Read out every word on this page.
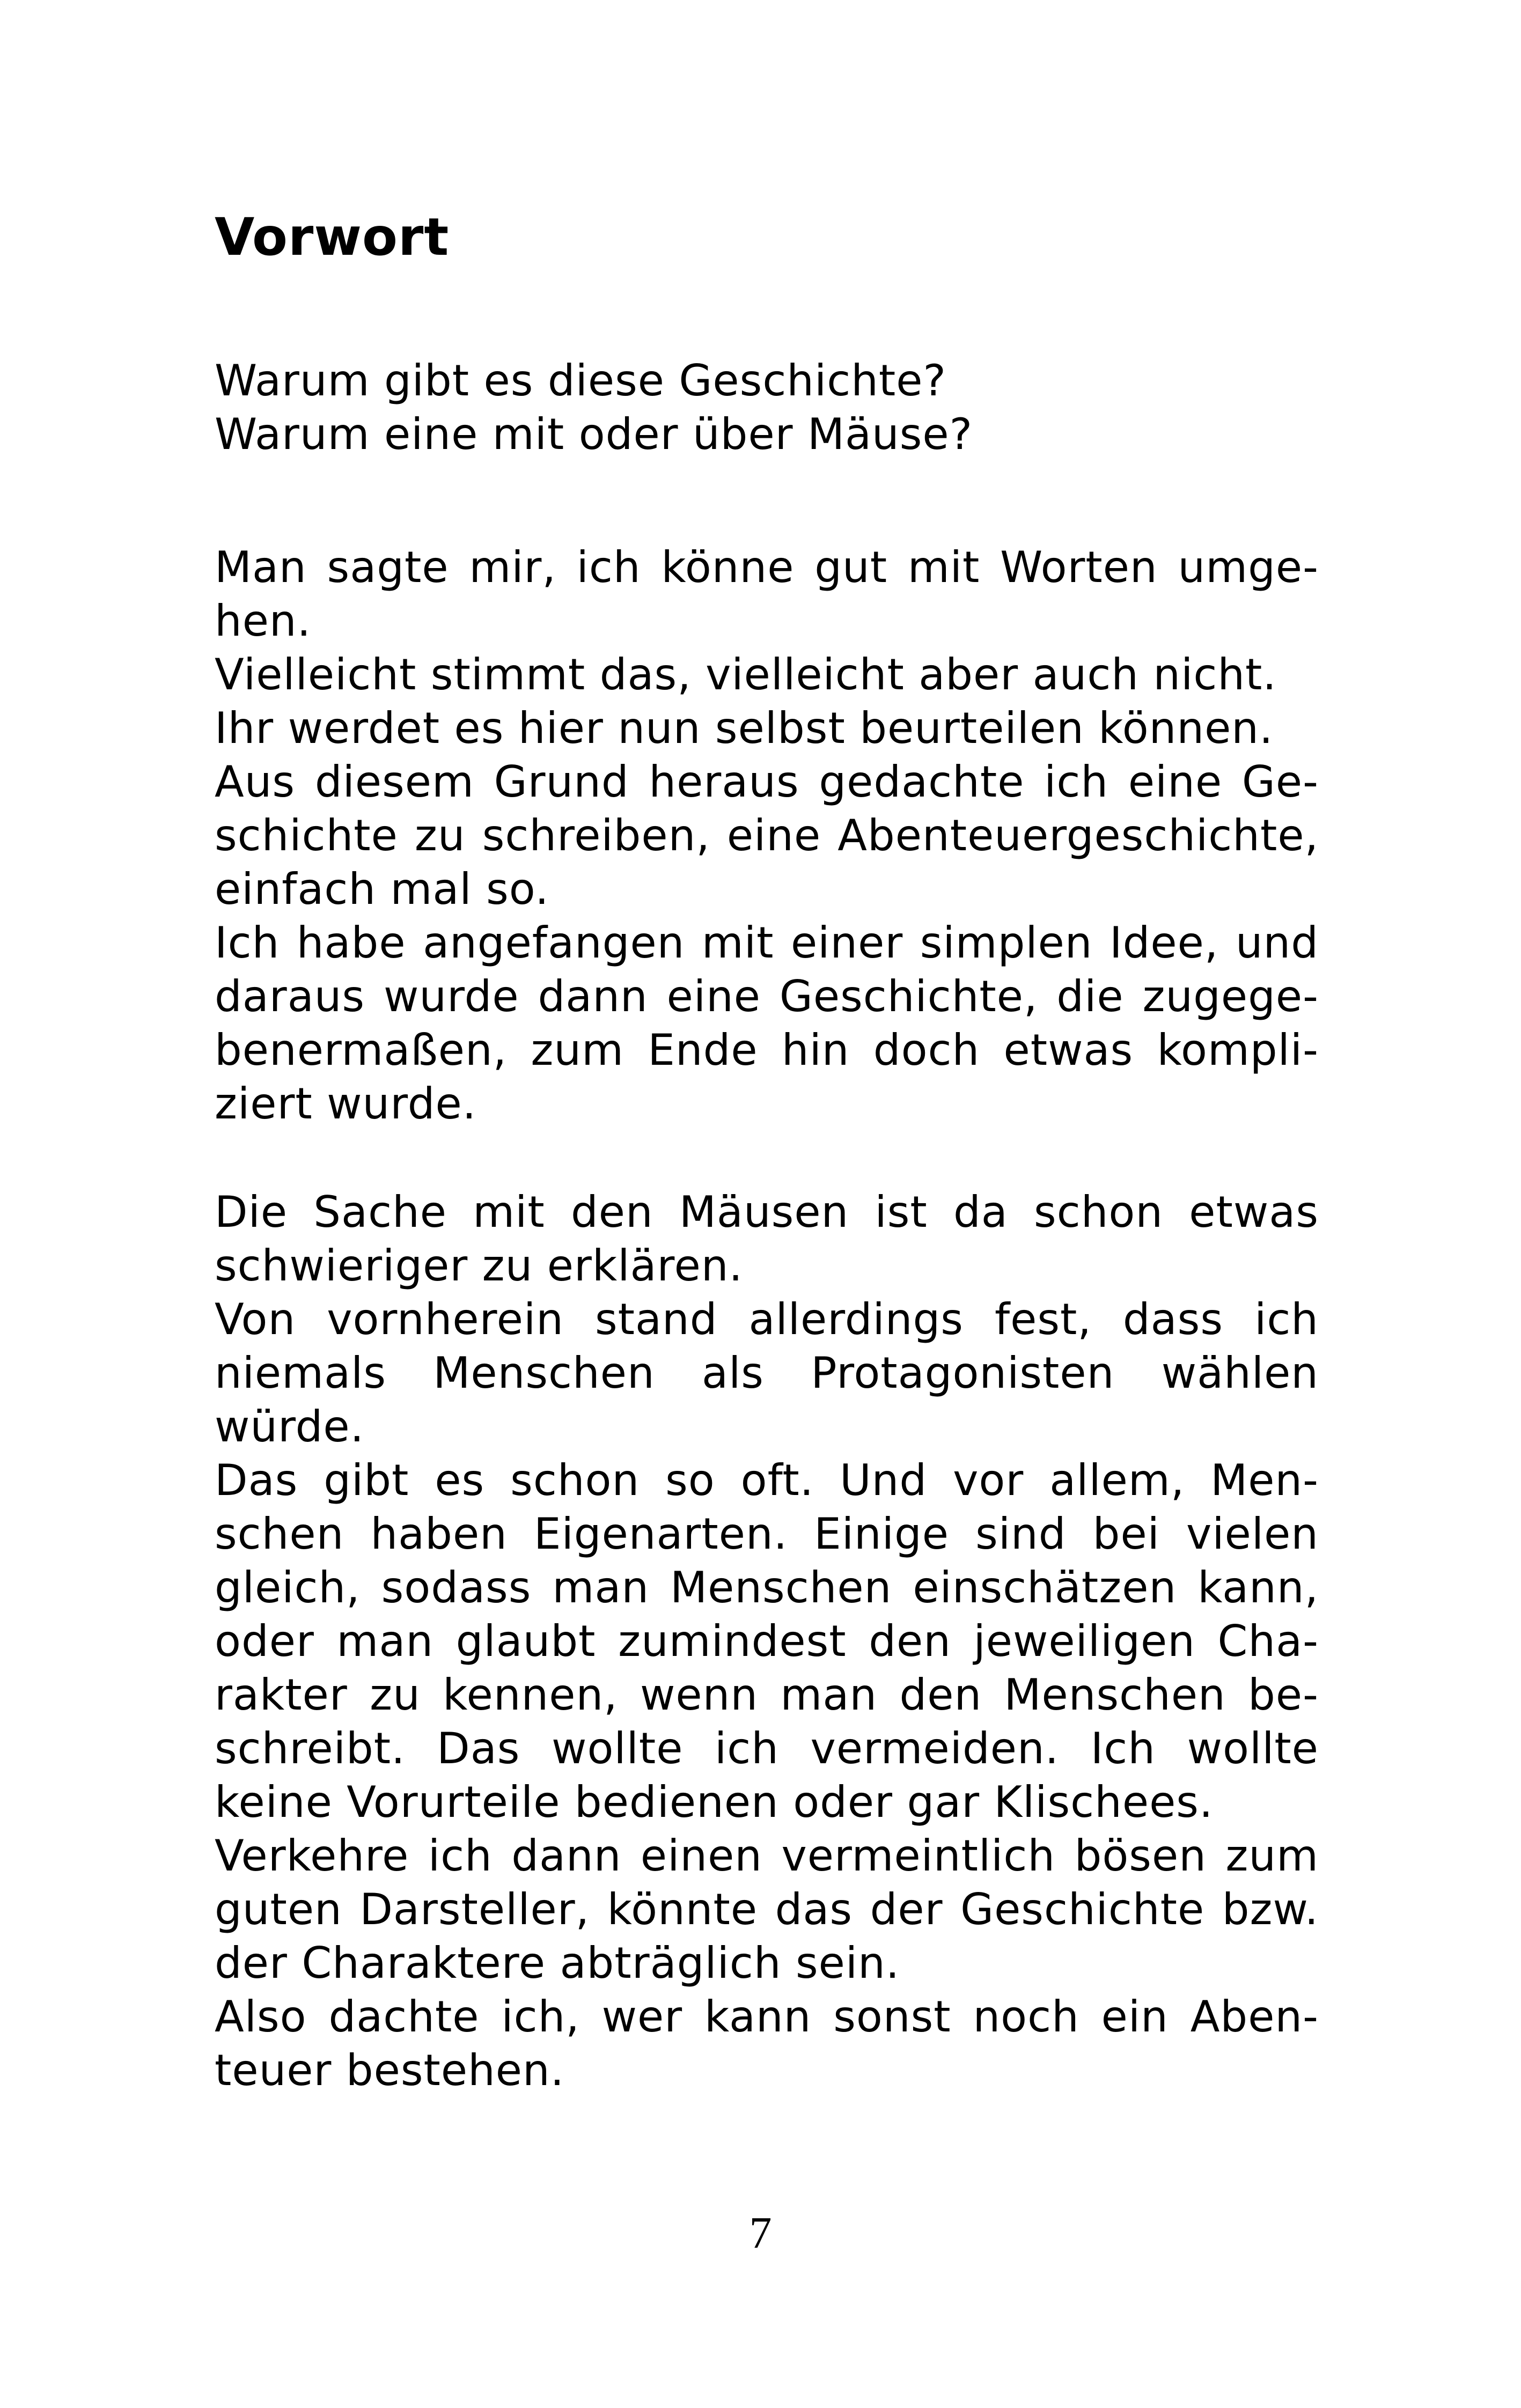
Vorwort
Warum gibt es diese Geschichte?
Warum eine mit oder über Mäuse?
Man sagte mir, ich könne gut mit Worten umge-
hen.
Vielleicht stimmt das, vielleicht aber auch nicht.
Ihr werdet es hier nun selbst beurteilen können.
Aus diesem Grund heraus gedachte ich eine Ge-
schichte zu schreiben, eine Abenteuergeschichte,
einfach mal so.
Ich habe angefangen mit einer simplen Idee, und
daraus wurde dann eine Geschichte, die zugege-
benermaßen, zum Ende hin doch etwas kompli-
ziert wurde.
Die Sache mit den Mäusen ist da schon etwas
schwieriger zu erklären.
Von vornherein stand allerdings fest, dass ich
niemals Menschen als Protagonisten wählen
würde.
Das gibt es schon so oft. Und vor allem, Men-
schen haben Eigenarten. Einige sind bei vielen
gleich, sodass man Menschen einschätzen kann,
oder man glaubt zumindest den jeweiligen Cha-
rakter zu kennen, wenn man den Menschen be-
schreibt. Das wollte ich vermeiden. Ich wollte
keine Vorurteile bedienen oder gar Klischees.
Verkehre ich dann einen vermeintlich bösen zum
guten Darsteller, könnte das der Geschichte bzw.
der Charaktere abträglich sein.
Also dachte ich, wer kann sonst noch ein Aben-
teuer bestehen.
7
